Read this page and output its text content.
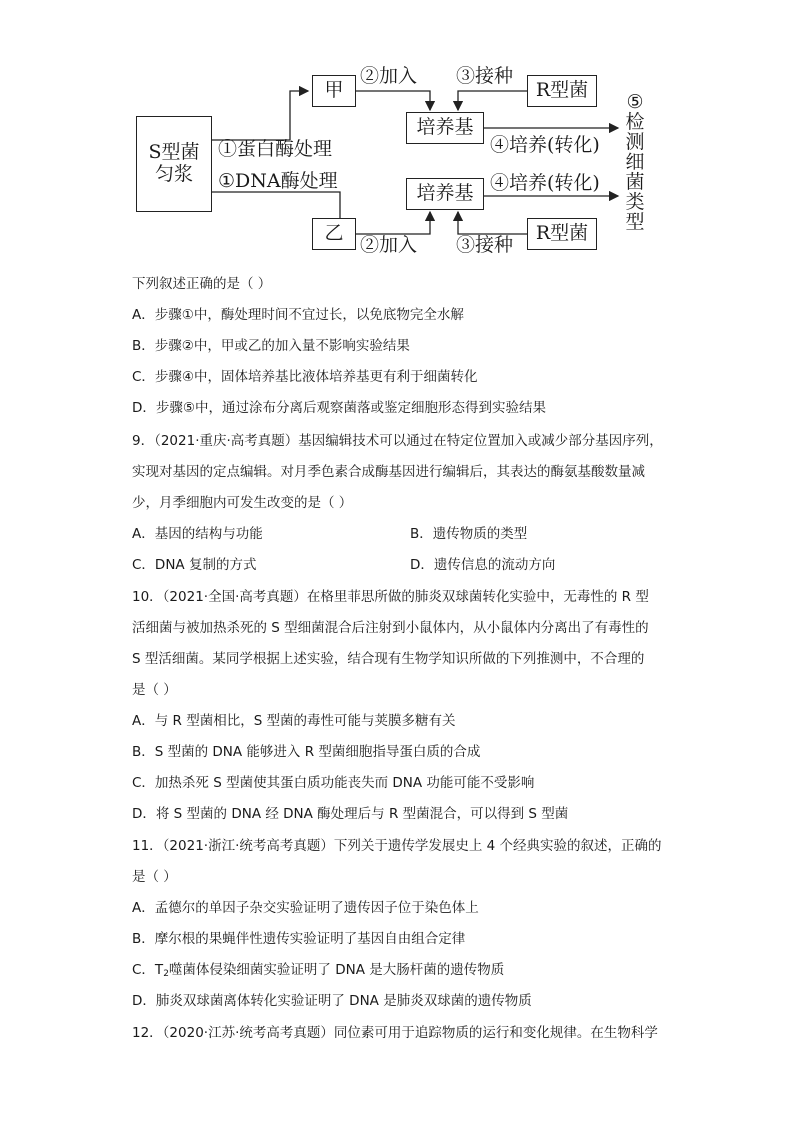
S型菌
匀浆
甲
乙
培养基
培养基
R型菌
R型菌
①蛋白酶处理
①DNA酶处理
②加入
②加入
③接种
③接种
④培养(转化)
④培养(转化)
⑤
检
测
细
菌
类
型
下列叙述正确的是（ ）
A．步骤①中，酶处理时间不宜过长，以免底物完全水解
B．步骤②中，甲或乙的加入量不影响实验结果
C．步骤④中，固体培养基比液体培养基更有利于细菌转化
D．步骤⑤中，通过涂布分离后观察菌落或鉴定细胞形态得到实验结果
9．（2021·重庆·高考真题）基因编辑技术可以通过在特定位置加入或减少部分基因序列，
实现对基因的定点编辑。对月季色素合成酶基因进行编辑后，其表达的酶氨基酸数量减
少，月季细胞内可发生改变的是（ ）
A．基因的结构与功能	B．遗传物质的类型
C．DNA 复制的方式	D．遗传信息的流动方向
10．（2021·全国·高考真题）在格里菲思所做的肺炎双球菌转化实验中，无毒性的 R 型
活细菌与被加热杀死的 S 型细菌混合后注射到小鼠体内，从小鼠体内分离出了有毒性的
S 型活细菌。某同学根据上述实验，结合现有生物学知识所做的下列推测中，不合理的
是（ ）
A．与 R 型菌相比，S 型菌的毒性可能与荚膜多糖有关
B．S 型菌的 DNA 能够进入 R 型菌细胞指导蛋白质的合成
C．加热杀死 S 型菌使其蛋白质功能丧失而 DNA 功能可能不受影响
D．将 S 型菌的 DNA 经 DNA 酶处理后与 R 型菌混合，可以得到 S 型菌
11．（2021·浙江·统考高考真题）下列关于遗传学发展史上 4 个经典实验的叙述，正确的
是（ ）
A．孟德尔的单因子杂交实验证明了遗传因子位于染色体上
B．摩尔根的果蝇伴性遗传实验证明了基因自由组合定律
C．$T_2$噬菌体侵染细菌实验证明了 DNA 是大肠杆菌的遗传物质
D．肺炎双球菌离体转化实验证明了 DNA 是肺炎双球菌的遗传物质
12．（2020·江苏·统考高考真题）同位素可用于追踪物质的运行和变化规律。在生物科学
